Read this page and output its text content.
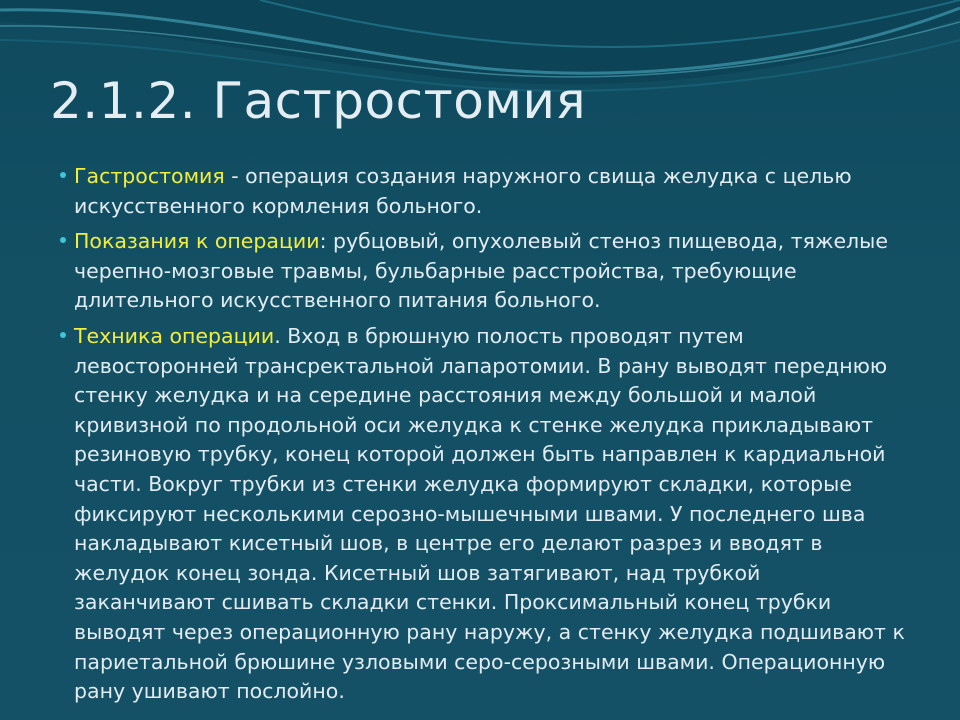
2.1.2. Гастростомия
Гастростомия - операция создания наружного свища желудка с целью искусственного кормления больного.
Показания к операции: рубцовый, опухолевый стеноз пищевода, тяжелые черепно-мозговые травмы, бульбарные расстройства, требующие длительного искусственного питания больного.
Техника операции. Вход в брюшную полость проводят путем левосторонней трансректальной лапаротомии. В рану выводят переднюю стенку желудка и на середине расстояния между большой и малой кривизной по продольной оси желудка к стенке желудка прикладывают резиновую трубку, конец которой должен быть направлен к кардиальной части. Вокруг трубки из стенки желудка формируют складки, которые фиксируют несколькими серозно-мышечными швами. У последнего шва накладывают кисетный шов, в центре его делают разрез и вводят в желудок конец зонда. Кисетный шов затягивают, над трубкой заканчивают сшивать складки стенки. Проксимальный конец трубки выводят через операционную рану наружу, а стенку желудка подшивают к париетальной брюшине узловыми серо-серозными швами. Операционную рану ушивают послойно.
